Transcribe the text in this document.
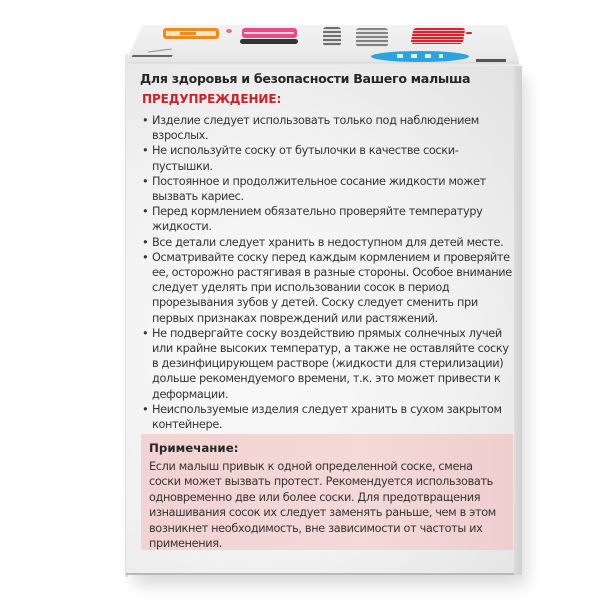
Для здоровья и безопасности Вашего малыша
ПРЕДУПРЕЖДЕНИЕ:
• Изделие следует использовать только под наблюдением взрослых.
• Не используйте соску от бутылочки в качестве соски-пустышки.
• Постоянное и продолжительное сосание жидкости может вызвать кариес.
• Перед кормлением обязательно проверяйте температуру жидкости.
• Все детали следует хранить в недоступном для детей месте.
• Осматривайте соску перед каждым кормлением и проверяйте ее, осторожно растягивая в разные стороны. Особое внимание следует уделять при использовании сосок в период прорезывания зубов у детей. Соску следует сменить при первых признаках повреждений или растяжений.
• Не подвергайте соску воздействию прямых солнечных лучей или крайне высоких температур, а также не оставляйте соску в дезинфицирующем растворе (жидкости для стерилизации) дольше рекомендуемого времени, т.к. это может привести к деформации.
• Неиспользуемые изделия следует хранить в сухом закрытом контейнере.
Примечание:
Если малыш привык к одной определенной соске, смена соски может вызвать протест. Рекомендуется использовать одновременно две или более соски. Для предотвращения изнашивания сосок их следует заменять раньше, чем в этом возникнет необходимость, вне зависимости от частоты их применения.
